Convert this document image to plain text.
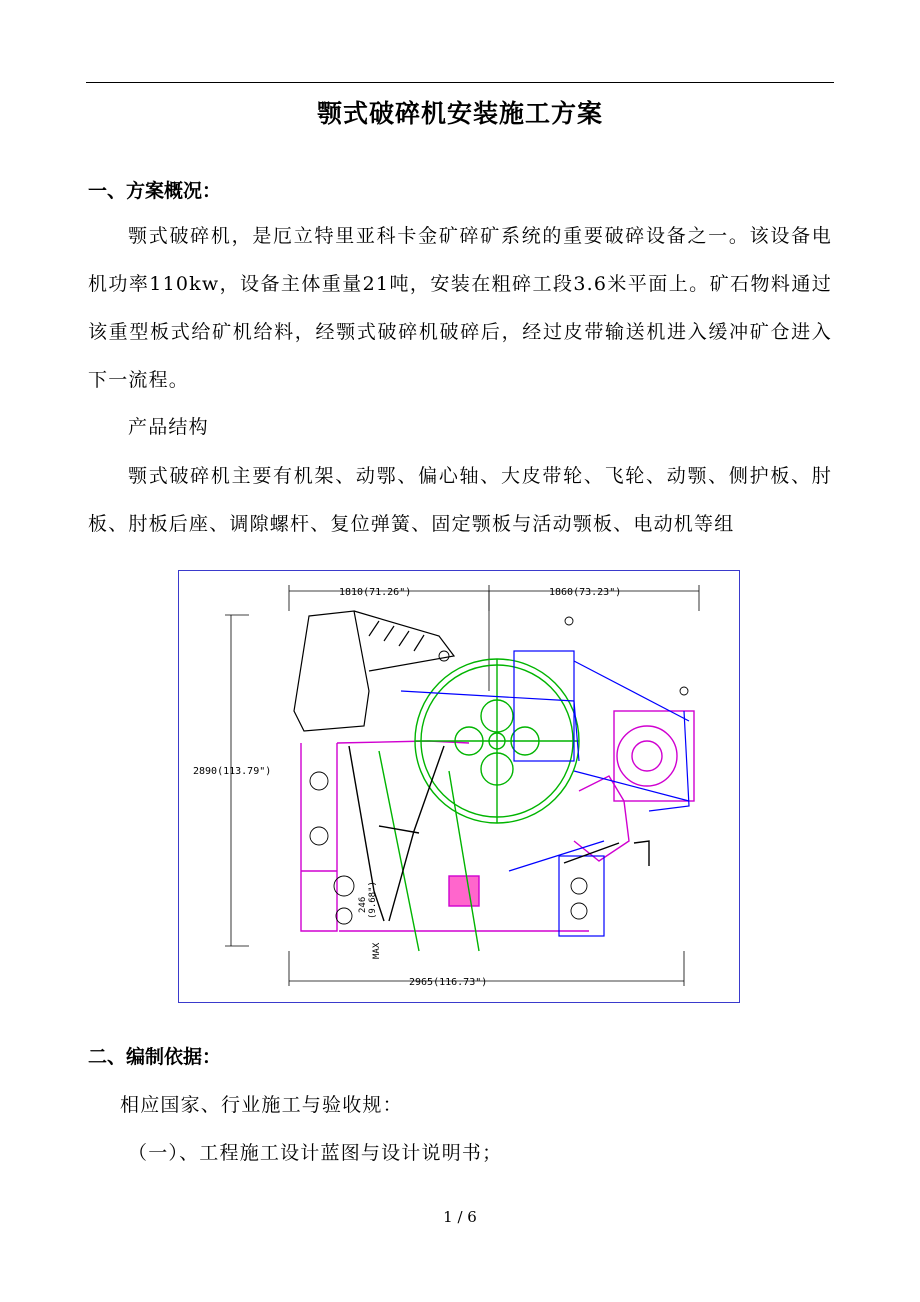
颚式破碎机安装施工方案
一、方案概况：
颚式破碎机，是厄立特里亚科卡金矿碎矿系统的重要破碎设备之一。该设备电机功率110kw，设备主体重量21吨，安装在粗碎工段3.6米平面上。矿石物料通过该重型板式给矿机给料，经颚式破碎机破碎后，经过皮带输送机进入缓冲矿仓进入下一流程。
产品结构
颚式破碎机主要有机架、动鄂、偏心轴、大皮带轮、飞轮、动颚、侧护板、肘板、肘板后座、调隙螺杆、复位弹簧、固定颚板与活动颚板、电动机等组
1810(71.26")	1860(73.23")
2890(113.79")
2965(116.73")
246 (9.68")
MAX
二、编制依据：
相应国家、行业施工与验收规：
（一）、工程施工设计蓝图与设计说明书；
1 / 6
